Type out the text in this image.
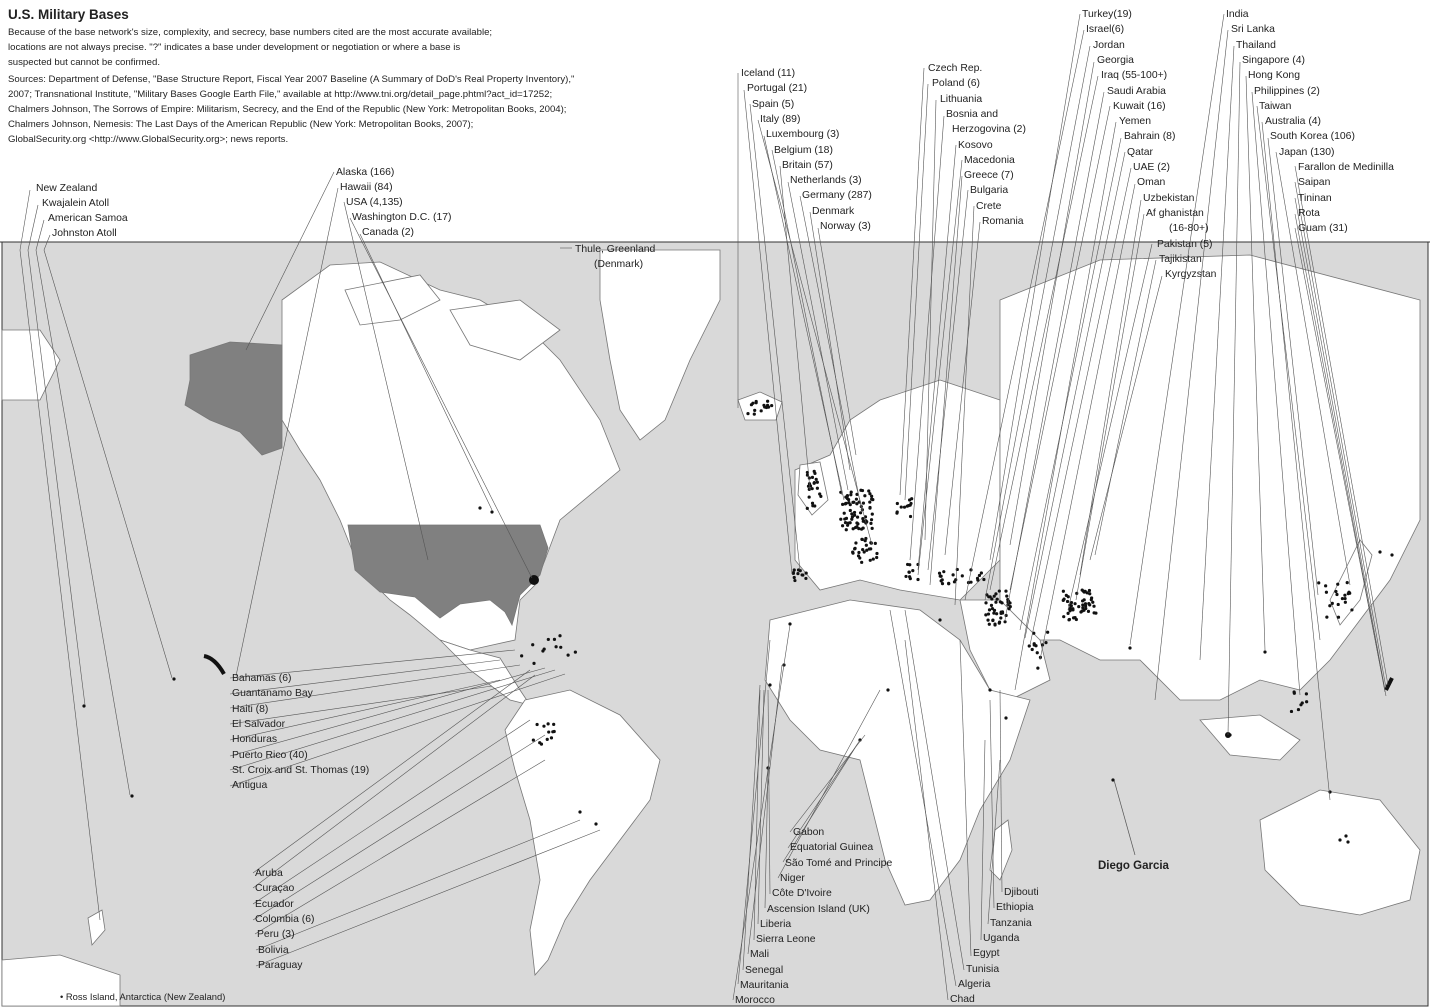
U.S. Military Bases

Because of the base network's size, complexity, and secrecy, base numbers cited are the most accurate available;

locations are not always precise. "?" indicates a base under development or negotiation or where a base is

suspected but cannot be confirmed.

Sources: Department of Defense, "Base Structure Report, Fiscal Year 2007 Baseline (A Summary of DoD's Real Property Inventory),"

2007; Transnational Institute, "Military Bases Google Earth File," available at http://www.tni.org/detail_page.phtml?act_id=17252;

Chalmers Johnson, The Sorrows of Empire: Militarism, Secrecy, and the End of the Republic (New York: Metropolitan Books, 2004);

Chalmers Johnson, Nemesis: The Last Days of the American Republic (New York: Metropolitan Books, 2007);

GlobalSecurity.org <http://www.GlobalSecurity.org>; news reports.

New Zealand
Kwajalein Atoll
American Samoa
Johnston Atoll
Alaska (166)
Hawaii (84)
USA (4,135)
Washington D.C. (17)
Canada (2)
Thule, Greenland
(Denmark)
Iceland (11)
Portugal (21)
Spain (5)
Italy (89)
Luxembourg (3)
Belgium (18)
Britain (57)
Netherlands (3)
Germany (287)
Denmark
Norway (3)
Czech Rep.
Poland (6)
Lithuania
Bosnia and
Herzogovina (2)
Kosovo
Macedonia
Greece (7)
Bulgaria
Crete
Romania
Turkey(19)
Israel(6)
Jordan
Georgia
Iraq (55-100+)
Saudi Arabia
Kuwait (16)
Yemen
Bahrain (8)
Qatar
UAE (2)
Oman
Uzbekistan
Af ghanistan
(16-80+)
Pakistan (5)
Tajikistan
Kyrgyzstan
India
Sri Lanka
Thailand
Singapore (4)
Hong Kong
Philippines (2)
Taiwan
Australia (4)
South Korea (106)
Japan (130)
Farallon de Medinilla
Saipan
Tininan
Rota
Guam (31)
Bahamas (6)
Guantanamo Bay
Haiti (8)
El Salvador
Honduras
Puerto Rico (40)
St. Croix and St. Thomas (19)
Antigua
Aruba
Curaçao
Ecuador
Colombia (6)
Peru (3)
Bolivia
Paraguay
Gabon
Equatorial Guinea
São Tomé and Principe
Niger
Côte D'Ivoire
Ascension Island (UK)
Liberia
Sierra Leone
Mali
Senegal
Mauritania
Morocco
Djibouti
Ethiopia
Tanzania
Uganda
Egypt
Tunisia
Algeria
Chad
Diego Garcia
• Ross Island, Antarctica (New Zealand)
